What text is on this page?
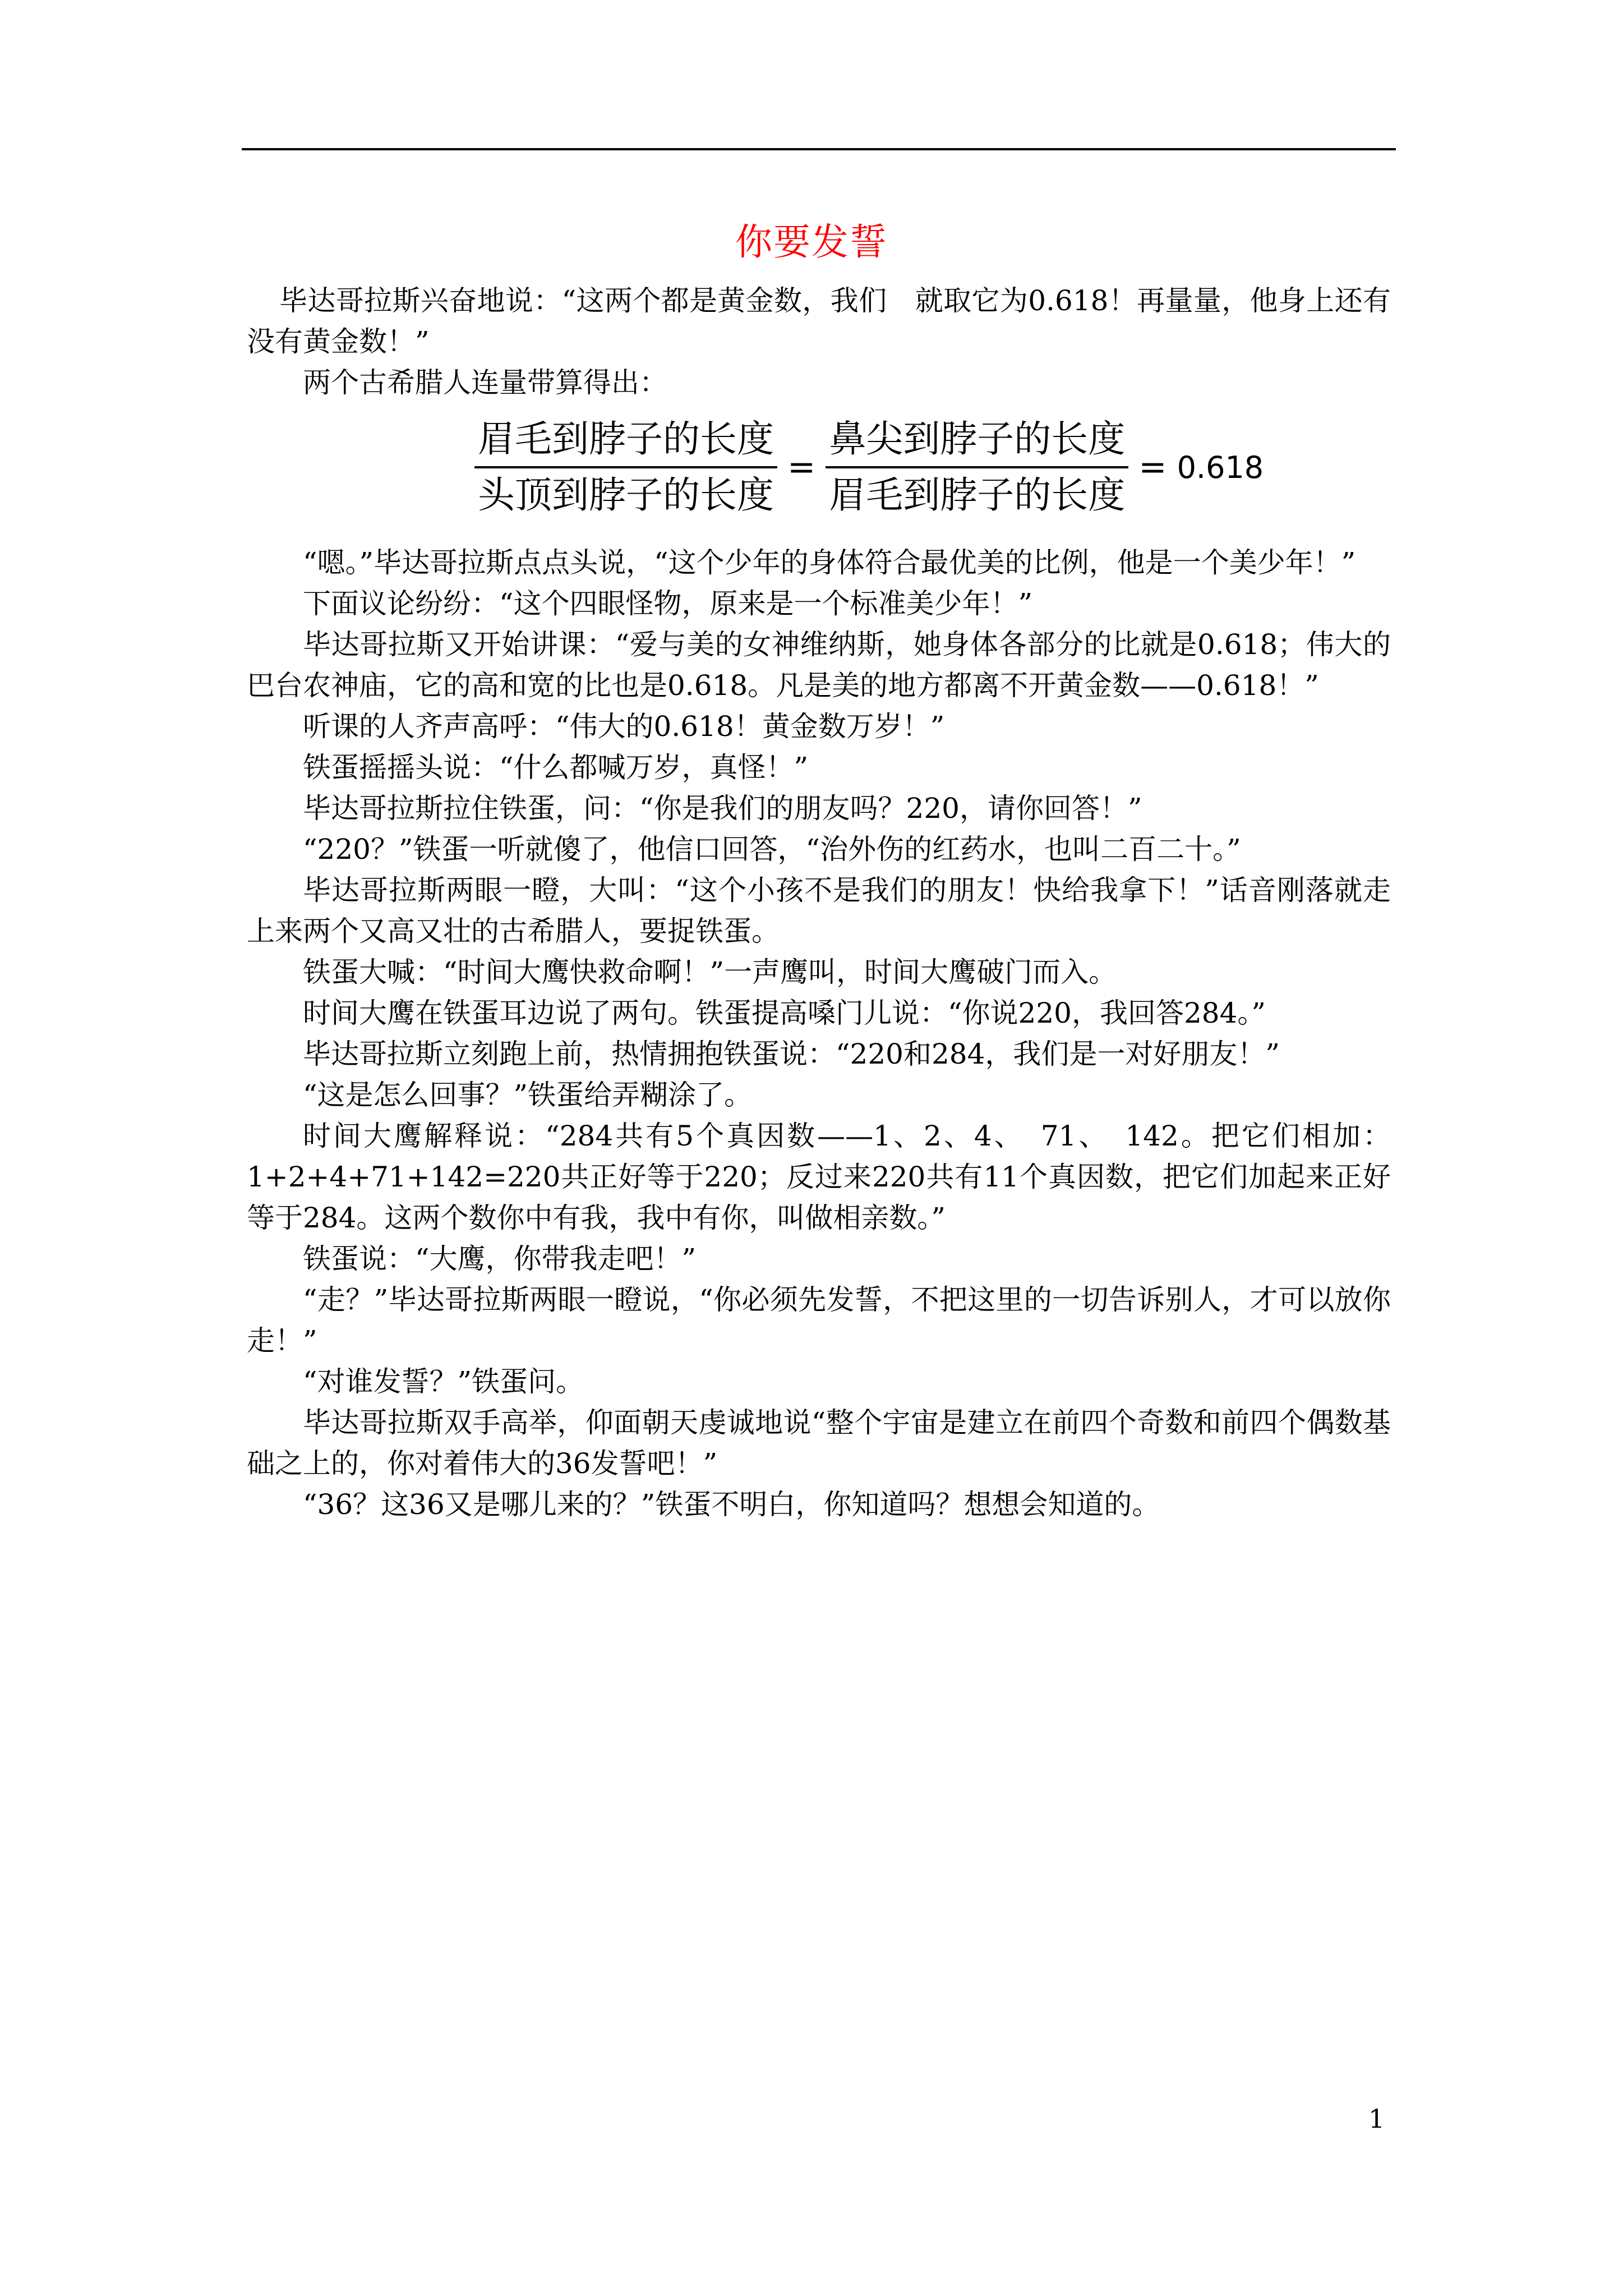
你要发誓

毕达哥拉斯兴奋地说：“这两个都是黄金数，我们　就取它为0.618！再量量，他身上还有没有黄金数！”

两个古希腊人连量带算得出：

$\frac{\text{眉毛到脖子的长度}}{\text{头顶到脖子的长度}} = \frac{\text{鼻尖到脖子的长度}}{\text{眉毛到脖子的长度}} = 0.618$

“嗯。”毕达哥拉斯点点头说，“这个少年的身体符合最优美的比例，他是一个美少年！”

下面议论纷纷：“这个四眼怪物，原来是一个标准美少年！”

毕达哥拉斯又开始讲课：“爱与美的女神维纳斯，她身体各部分的比就是0.618；伟大的巴台农神庙，它的高和宽的比也是0.618。凡是美的地方都离不开黄金数——0.618！”

听课的人齐声高呼：“伟大的0.618！黄金数万岁！”

铁蛋摇摇头说：“什么都喊万岁，真怪！”

毕达哥拉斯拉住铁蛋，问：“你是我们的朋友吗？220，请你回答！”

“220？”铁蛋一听就傻了，他信口回答，“治外伤的红药水，也叫二百二十。”

毕达哥拉斯两眼一瞪，大叫：“这个小孩不是我们的朋友！快给我拿下！”话音刚落就走上来两个又高又壮的古希腊人，要捉铁蛋。

铁蛋大喊：“时间大鹰快救命啊！”一声鹰叫，时间大鹰破门而入。

时间大鹰在铁蛋耳边说了两句。铁蛋提高嗓门儿说：“你说220，我回答284。”

毕达哥拉斯立刻跑上前，热情拥抱铁蛋说：“220和284，我们是一对好朋友！”

“这是怎么回事？”铁蛋给弄糊涂了。

时间大鹰解释说：“284共有5个真因数——1、2、4、　71、　142。把它们相加：1+2+4+71+142=220共正好等于220；反过来220共有11个真因数，把它们加起来正好等于284。这两个数你中有我，我中有你，叫做相亲数。”

铁蛋说：“大鹰，你带我走吧！”

“走？”毕达哥拉斯两眼一瞪说，“你必须先发誓，不把这里的一切告诉别人，才可以放你走！”

“对谁发誓？”铁蛋问。

毕达哥拉斯双手高举，仰面朝天虔诚地说“整个宇宙是建立在前四个奇数和前四个偶数基础之上的，你对着伟大的36发誓吧！”

“36？这36又是哪儿来的？”铁蛋不明白，你知道吗？想想会知道的。

1
